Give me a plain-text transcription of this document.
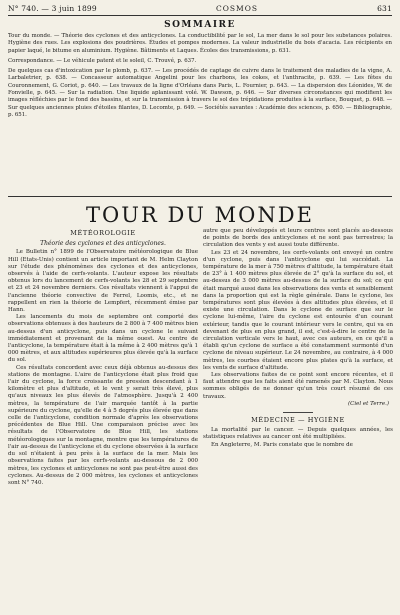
N° 740. — 3 juin 1899	COSMOS	631
SOMMAIRE

Tour du monde. — Théorie des cyclones et des anticyclones. La conductibilité par le sol, La mer dans le sol pour les substances polaires. Hygiène des rues. Les explosions des poudrières. Études et pompes modernes. La valeur industrielle du bois d'acacia. Les récipients en papier laqué, le bitume en aluminium. Hygiène. Bâtiments et Laques. Écoles des transmissions, p. 631.

Correspondance. — Le véhicule patent et le soleil, C. Trouvé, p. 637.

De quelques cas d'intoxication par le plomb, p. 637. — Les procédés de captage de cuivre dans le traitement des maladies de la vigne, A. Larbaletrier, p. 638. — Concasseur automatique Angelini pour les charbons, les cokes, et l'anthracite, p. 639. — Les fêtes du Couronnement, G. Coriot, p. 640. — Les travaux de la ligne d'Orléans dans Paris, L. Fournier, p. 643. — La dispersion des Léonides, W. de Fonvielle, p. 645. — Sur la radiation. Une liquide aplanissant volé. W. Dawson, p. 646. — Sur diverses circonstances qui modifient les images réfléchies par le fond des bassins, et sur la transmission à travers le sol des trépidations produites à la surface, Bouquet, p. 648. — Sur quelques anciennes pluies d'étoiles filantes, D. Lecomte, p. 649. — Sociétés savantes : Académie des sciences, p. 650. — Bibliographie, p. 651.

TOUR DU MONDE
MÉTÉOROLOGIE
Théorie des cyclones et des anticyclones.

Le Bulletin n° 1899 de l'Observatoire météorologique de Blue Hill (Etats-Unis) contient un article important de M. Helm Clayton sur l'étude des phénomènes des cyclones et des anticyclones, observés à l'aide de cerfs-volants. L'auteur expose les résultats obtenus lors du lancement de cerfs-volants les 28 et 29 septembre et 23 et 24 novembre derniers. Ces résultats viennent à l'appui de l'ancienne théorie convective de Ferrel, Loomis, etc., et ne rappellent en rien la théorie de Lempfert, récemment émise par Hann.

Les lancements du mois de septembre ont comporté des observations obtenues à des hauteurs de 2 800 à 7 400 mètres bien au-dessus d'un anticyclone, puis dans un cyclone le suivant immédiatement et provenant de la même ouest. Au centre de l'anticyclone, la température était à la même à 2 400 mètres qu'à 1 000 mètres, et aux altitudes supérieures plus élevée qu'à la surface du sol.

Ces résultats concordent avec ceux déjà obtenus au-dessus des stations de montagne. L'aire de l'anticyclone était plus froid que l'air du cyclone, la force croissante de pression descendant à 1 kilomètre et plus d'altitude, et le vent y serait très élevé, plus qu'aux niveaux les plus élevés de l'atmosphère. Jusqu'à 2 400 mètres, la température de l'air marquée tantôt à la partie supérieure du cyclone, qu'elle de 4 à 5 degrés plus élevée que dans celle de l'anticyclone, condition normale d'après les observations précédentes de Blue Hill. Une comparaison précise avec les résultats de l'Observatoire de Blue Hill, les stations météorologiques sur la montagne, montre que les températures de l'air au-dessus de l'anticyclone et du cyclone observées à la surface du sol n'étaient à peu près à la surface de la mer. Mais les observations faites par les cerfs-volants au-dessous de 2 000 mètres, les cyclones et anticyclones ne sont pas peut-être aussi des cyclones. Au-dessus de 2 000 mètres, les cyclones et anticyclones sont N° 740.

autre que peu développés et leurs centres sont placés au-dessous de points de bords des anticyclones et ne sont pas terrestres; la circulation des vents y est aussi toute différente.

Les 23 et 24 novembre, les cerfs-volants ont envoyé un centre d'un cyclone, puis dans l'anticyclone qui lui succédait. La température de la mer à 750 mètres d'altitude, la température était de 23° à 1 400 mètres plus élevée de 2° qu'à la surface du sol, et au-dessus de 3 000 mètres au-dessus de la surface du sol; ce qui était marqué aussi dans les observations des vents et sensiblement dans la proportion qui est la règle générale. Dans le cyclone, les températures sont plus élevées à des altitudes plus élevées, et il existe une circulation. Dans le cyclone de surface que sur le cyclone lui-même, l'aire du cyclone est entourée d'un courant extérieur, tandis que le courant intérieur vers le centre, qui va en devenant de plus en plus grand, il est, c'est-à-dire le centre de la circulation verticale vers le haut, avec ces auteurs, en ce qu'il a établi qu'un cyclone de surface a été constamment surmonté d'un cyclone de niveau supérieur. Le 24 novembre, au contraire, à 4 000 mètres, les courbes étaient encore plus plates qu'à la surface, et les vents de surface d'altitude.

Les observations faites de ce point sont encore récentes, et il faut attendre que les faits aient été ramenés par M. Clayton. Nous sommes obligés de ne donner qu'un très court résumé de ces travaux.

(Ciel et Terre.)
MÉDECINE — HYGIÈNE

La mortalité par le cancer. — Depuis quelques années, les statistiques relatives au cancer ont été multipliées.

En Angleterre, M. Paris constate que le nombre de
